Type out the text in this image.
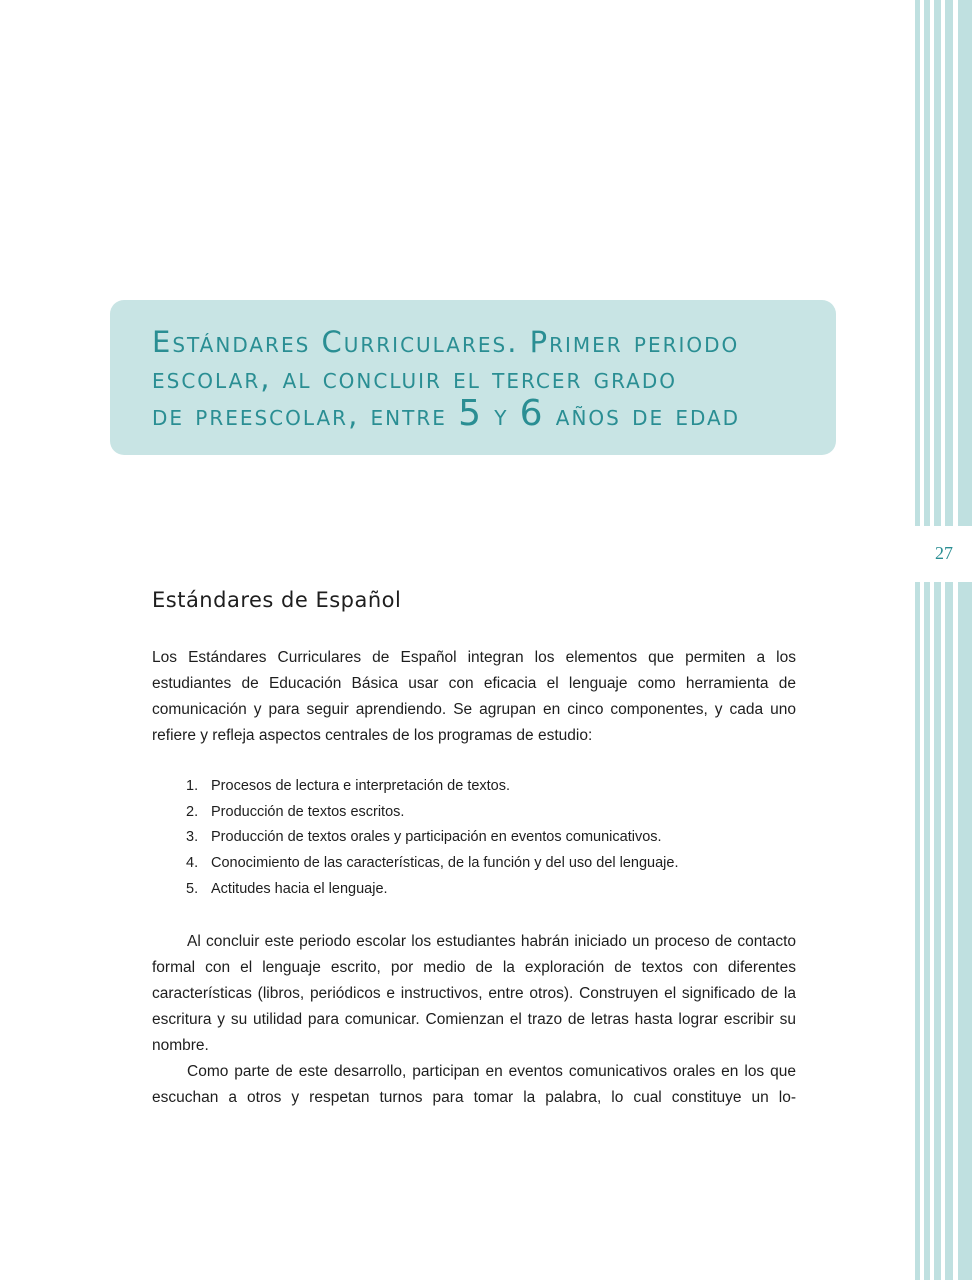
27
Estándares Curriculares. Primer periodo
escolar, al concluir el tercer grado
de preescolar, entre 5 y 6 años de edad
Estándares de Español

Los Estándares Curriculares de Español integran los elementos que permiten a los estudiantes de Educación Básica usar con eficacia el lenguaje como herramienta de comunicación y para seguir aprendiendo. Se agrupan en cinco componentes, y cada uno refiere y refleja aspectos centrales de los programas de estudio:

1. Procesos de lectura e interpretación de textos.
2. Producción de textos escritos.
3. Producción de textos orales y participación en eventos comunicativos.
4. Conocimiento de las características, de la función y del uso del lenguaje.
5. Actitudes hacia el lenguaje.

Al concluir este periodo escolar los estudiantes habrán iniciado un proceso de contacto formal con el lenguaje escrito, por medio de la exploración de textos con diferentes características (libros, periódicos e instructivos, entre otros). Construyen el significado de la escritura y su utilidad para comunicar. Comienzan el trazo de letras hasta lograr escribir su nombre.

Como parte de este desarrollo, participan en eventos comunicativos orales en los que escuchan a otros y respetan turnos para tomar la palabra, lo cual constituye un lo-
